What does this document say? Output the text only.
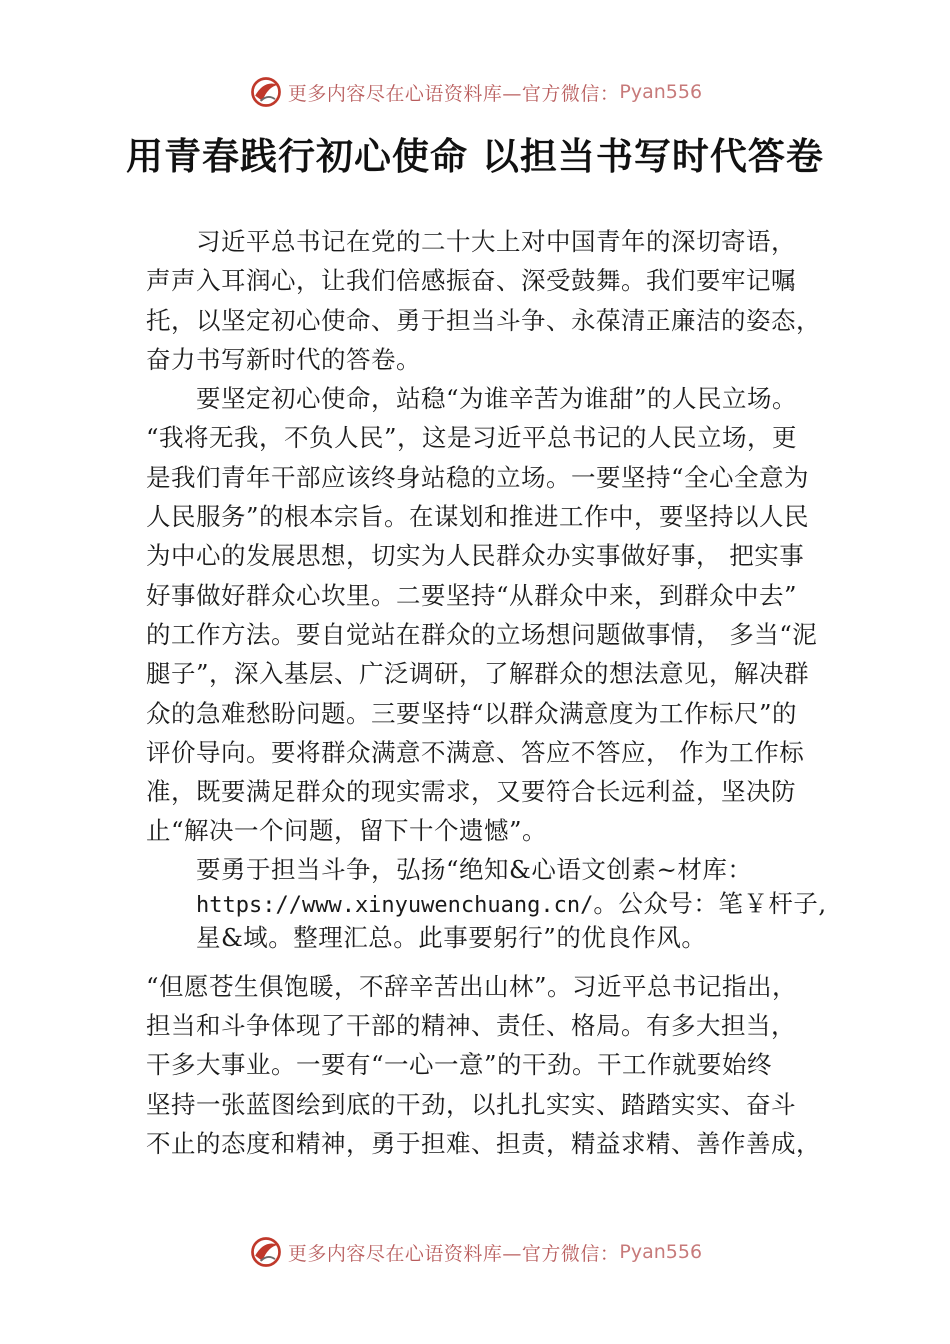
更多内容尽在心语资料库—官方微信： Pyan556
用青春践行初心使命 以担当书写时代答卷
习近平总书记在党的二十大上对中国青年的深切寄语，
声声入耳润心，让我们倍感振奋、深受鼓舞。我们要牢记嘱
托，以坚定初心使命、勇于担当斗争、永葆清正廉洁的姿态，
奋力书写新时代的答卷。
要坚定初心使命，站稳“为谁辛苦为谁甜”的人民立场。
“我将无我，不负人民”，这是习近平总书记的人民立场，更
是我们青年干部应该终身站稳的立场。一要坚持“全心全意为
人民服务”的根本宗旨。在谋划和推进工作中，要坚持以人民
为中心的发展思想，切实为人民群众办实事做好事， 把实事
好事做好群众心坎里。二要坚持“从群众中来，到群众中去”
的工作方法。要自觉站在群众的立场想问题做事情， 多当“泥
腿子”，深入基层、广泛调研，了解群众的想法意见，解决群
众的急难愁盼问题。三要坚持“以群众满意度为工作标尺”的
评价导向。要将群众满意不满意、答应不答应， 作为工作标
准，既要满足群众的现实需求，又要符合长远利益，坚决防
止“解决一个问题，留下十个遗憾”。
要勇于担当斗争，弘扬“绝知&心语文创素~材库：
https://www.xinyuwenchuang.cn/。公众号：笔￥杆子,
星&域。整理汇总。此事要躬行”的优良作风。
“但愿苍生俱饱暖，不辞辛苦出山林”。习近平总书记指出，
担当和斗争体现了干部的精神、责任、格局。有多大担当，
干多大事业。一要有“一心一意”的干劲。干工作就要始终
坚持一张蓝图绘到底的干劲，以扎扎实实、踏踏实实、奋斗
不止的态度和精神，勇于担难、担责，精益求精、善作善成，
更多内容尽在心语资料库—官方微信： Pyan556
